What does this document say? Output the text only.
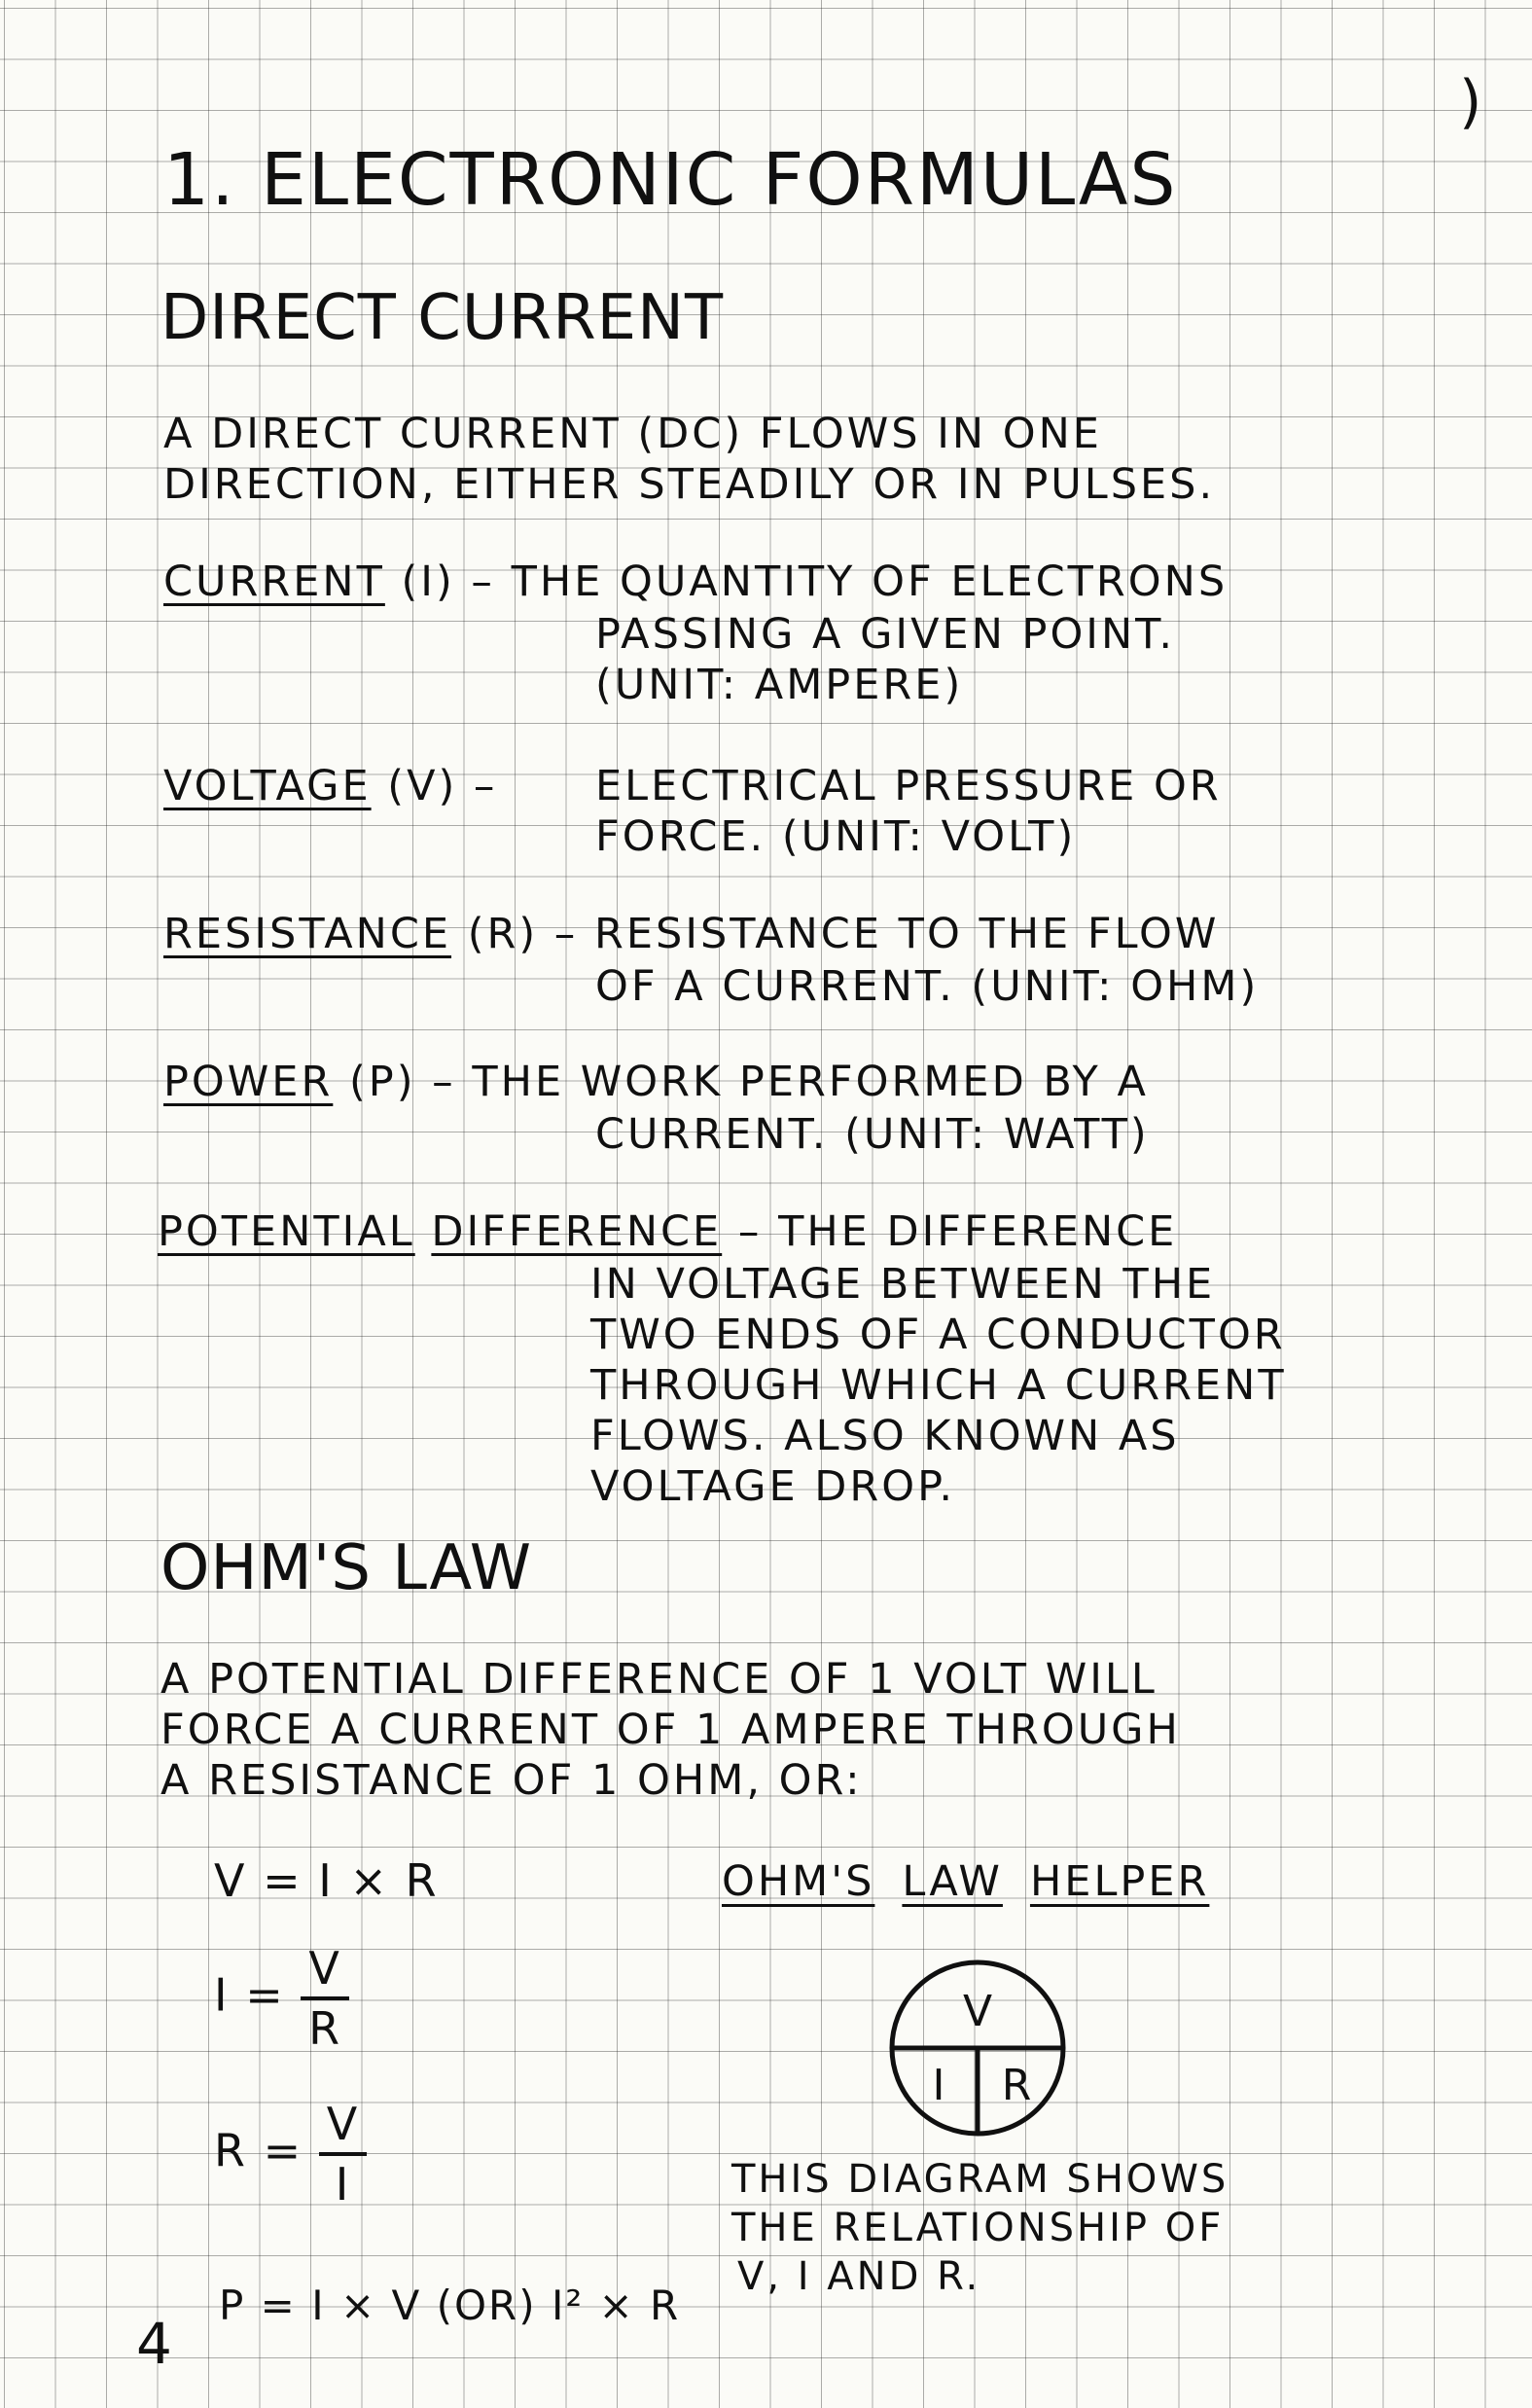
)
1. ELECTRONIC FORMULAS
DIRECT CURRENT
A DIRECT CURRENT (DC) FLOWS IN ONE
DIRECTION, EITHER STEADILY OR IN PULSES.
CURRENT (I) – THE QUANTITY OF ELECTRONS
PASSING A GIVEN POINT.
(UNIT: AMPERE)
VOLTAGE (V) – ELECTRICAL PRESSURE OR
FORCE. (UNIT: VOLT)
RESISTANCE (R) – RESISTANCE TO THE FLOW
OF A CURRENT. (UNIT: OHM)
POWER (P) – THE WORK PERFORMED BY A
CURRENT. (UNIT: WATT)
POTENTIAL DIFFERENCE – THE DIFFERENCE
IN VOLTAGE BETWEEN THE
TWO ENDS OF A CONDUCTOR
THROUGH WHICH A CURRENT
FLOWS. ALSO KNOWN AS
VOLTAGE DROP.
OHM'S LAW
A POTENTIAL DIFFERENCE OF 1 VOLT WILL
FORCE A CURRENT OF 1 AMPERE THROUGH
A RESISTANCE OF 1 OHM, OR:
V = I × R
$I = \frac{V}{R}$
$R = \frac{V}{I}$
P = I × V (OR) I² × R
OHM'S LAW HELPER
V
I R
THIS DIAGRAM SHOWS
THE RELATIONSHIP OF
V, I AND R.
4
